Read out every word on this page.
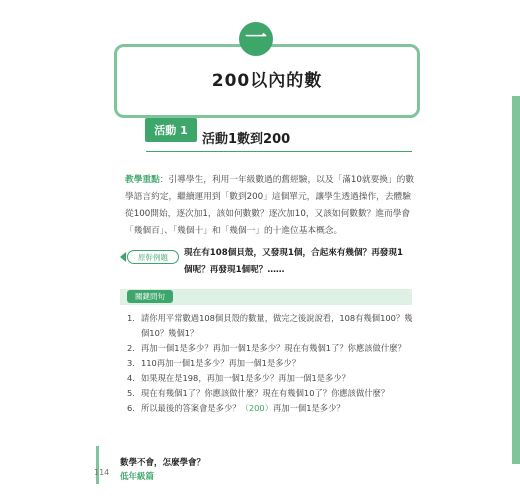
一
200以內的數
活動 1
活動1數到200
教學重點：引導學生，利用一年級數過的舊經驗，以及「滿10就要換」的數學語言約定，繼續運用到「數到200」這個單元，讓學生透過操作，去體驗從100開始，逐次加1，該如何數數？逐次加10，又該如何數數？進而學會「幾個百」、「幾個十」和「幾個一」的十進位基本概念。
原幹例題	現在有108個貝殼，又發現1個，合起來有幾個？再發現1個呢？再發現1個呢？……
關鍵問句
1. 請你用平常數過108個貝殼的數量，做完之後說說看，108有幾個100？幾個10？幾個1？
2. 再加一個1是多少？再加一個1是多少？現在有幾個1了？你應該做什麼？
3. 110再加一個1是多少？再加一個1是多少？
4. 如果現在是198，再加一個1是多少？再加一個1是多少？
5. 現在有幾個1了？你應該做什麼？現在有幾個10了？你應該做什麼？
6. 所以最後的答案會是多少？（200）再加一個1是多少？
數學不會，怎麼學會？
低年級篇
114
